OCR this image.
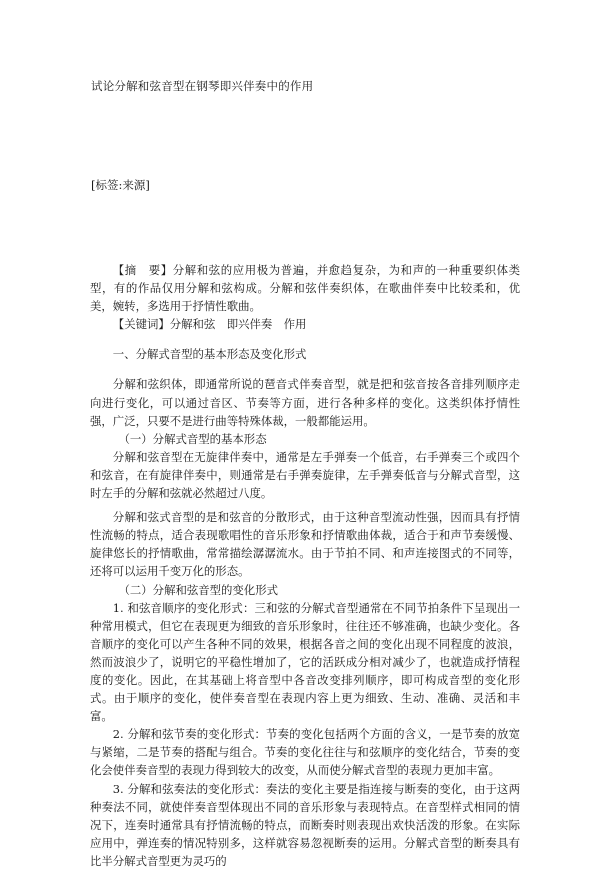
试论分解和弦音型在钢琴即兴伴奏中的作用
[标签:来源]

【摘　要】分解和弦的应用极为普遍，并愈趋复杂，为和声的一种重要织体类型，有的作品仅用分解和弦构成。分解和弦伴奏织体，在歌曲伴奏中比较柔和，优美，婉转，多选用于抒情性歌曲。

【关键词】分解和弦　即兴伴奏　作用

一、分解式音型的基本形态及变化形式

分解和弦织体，即通常所说的琶音式伴奏音型，就是把和弦音按各音排列顺序走向进行变化，可以通过音区、节奏等方面，进行各种多样的变化。这类织体抒情性强，广泛，只要不是进行曲等特殊体裁，一般都能运用。

（一）分解式音型的基本形态

分解和弦音型在无旋律伴奏中，通常是左手弹奏一个低音，右手弹奏三个或四个和弦音，在有旋律伴奏中，则通常是右手弹奏旋律，左手弹奏低音与分解式音型，这时左手的分解和弦就必然超过八度。

分解和弦式音型的是和弦音的分散形式，由于这种音型流动性强，因而具有抒情性流畅的特点，适合表现歌唱性的音乐形象和抒情歌曲体裁，适合于和声节奏缓慢、旋律悠长的抒情歌曲，常常描绘潺潺流水。由于节拍不同、和声连接图式的不同等，还将可以运用千变万化的形态。

（二）分解和弦音型的变化形式

1. 和弦音顺序的变化形式：三和弦的分解式音型通常在不同节拍条件下呈现出一种常用模式，但它在表现更为细致的音乐形象时，往往还不够准确，也缺少变化。各音顺序的变化可以产生各种不同的效果，根据各音之间的变化出现不同程度的波浪，然而波浪少了，说明它的平稳性增加了，它的活跃成分相对减少了，也就造成抒情程度的变化。因此，在其基础上将音型中各音改变排列顺序，即可构成音型的变化形式。由于顺序的变化，使伴奏音型在表现内容上更为细致、生动、准确、灵活和丰富。

2. 分解和弦节奏的变化形式：节奏的变化包括两个方面的含义，一是节奏的放宽与紧缩，二是节奏的搭配与组合。节奏的变化往往与和弦顺序的变化结合，节奏的变化会使伴奏音型的表现力得到较大的改变，从而使分解式音型的表现力更加丰富。

3. 分解和弦奏法的变化形式：奏法的变化主要是指连接与断奏的变化，由于这两种奏法不同，就使伴奏音型体现出不同的音乐形象与表现特点。在音型样式相同的情况下，连奏时通常具有抒情流畅的特点，而断奏时则表现出欢快活泼的形象。在实际应用中，弹连奏的情况特别多，这样就容易忽视断奏的运用。分解式音型的断奏具有比半分解式音型更为灵巧的
